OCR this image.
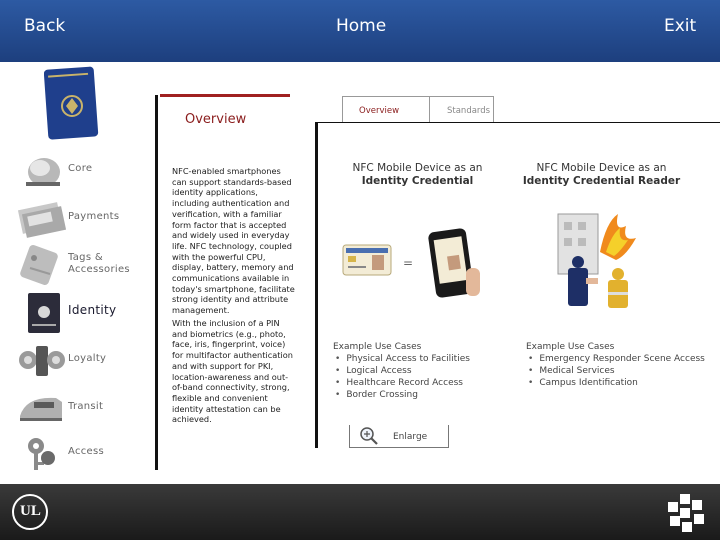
Back	Home	Exit
Core
Payments
Tags &
Accessories
Identity
Loyalty
Transit
Access
Overview
NFC-enabled smartphones can support standards-based identity applications, including authentication and verification, with a familiar form factor that is accepted and widely used in everyday life. NFC technology, coupled with the powerful CPU, display, battery, memory and communications available in today's smartphone, facilitate strong identity and attribute management.
With the inclusion of a PIN and biometrics (e.g., photo, face, iris, fingerprint, voice) for multifactor authentication and with support for PKI, location-awareness and out-of-band connectivity, strong, flexible and convenient identity attestation can be achieved.
Overview	Standards
NFC Mobile Device as an
Identity Credential
NFC Mobile Device as an
Identity Credential Reader
=
Example Use Cases
• Physical Access to Facilities
• Logical Access
• Healthcare Record Access
• Border Crossing
Example Use Cases
• Emergency Responder Scene Access
• Medical Services
• Campus Identification
Enlarge
UL
